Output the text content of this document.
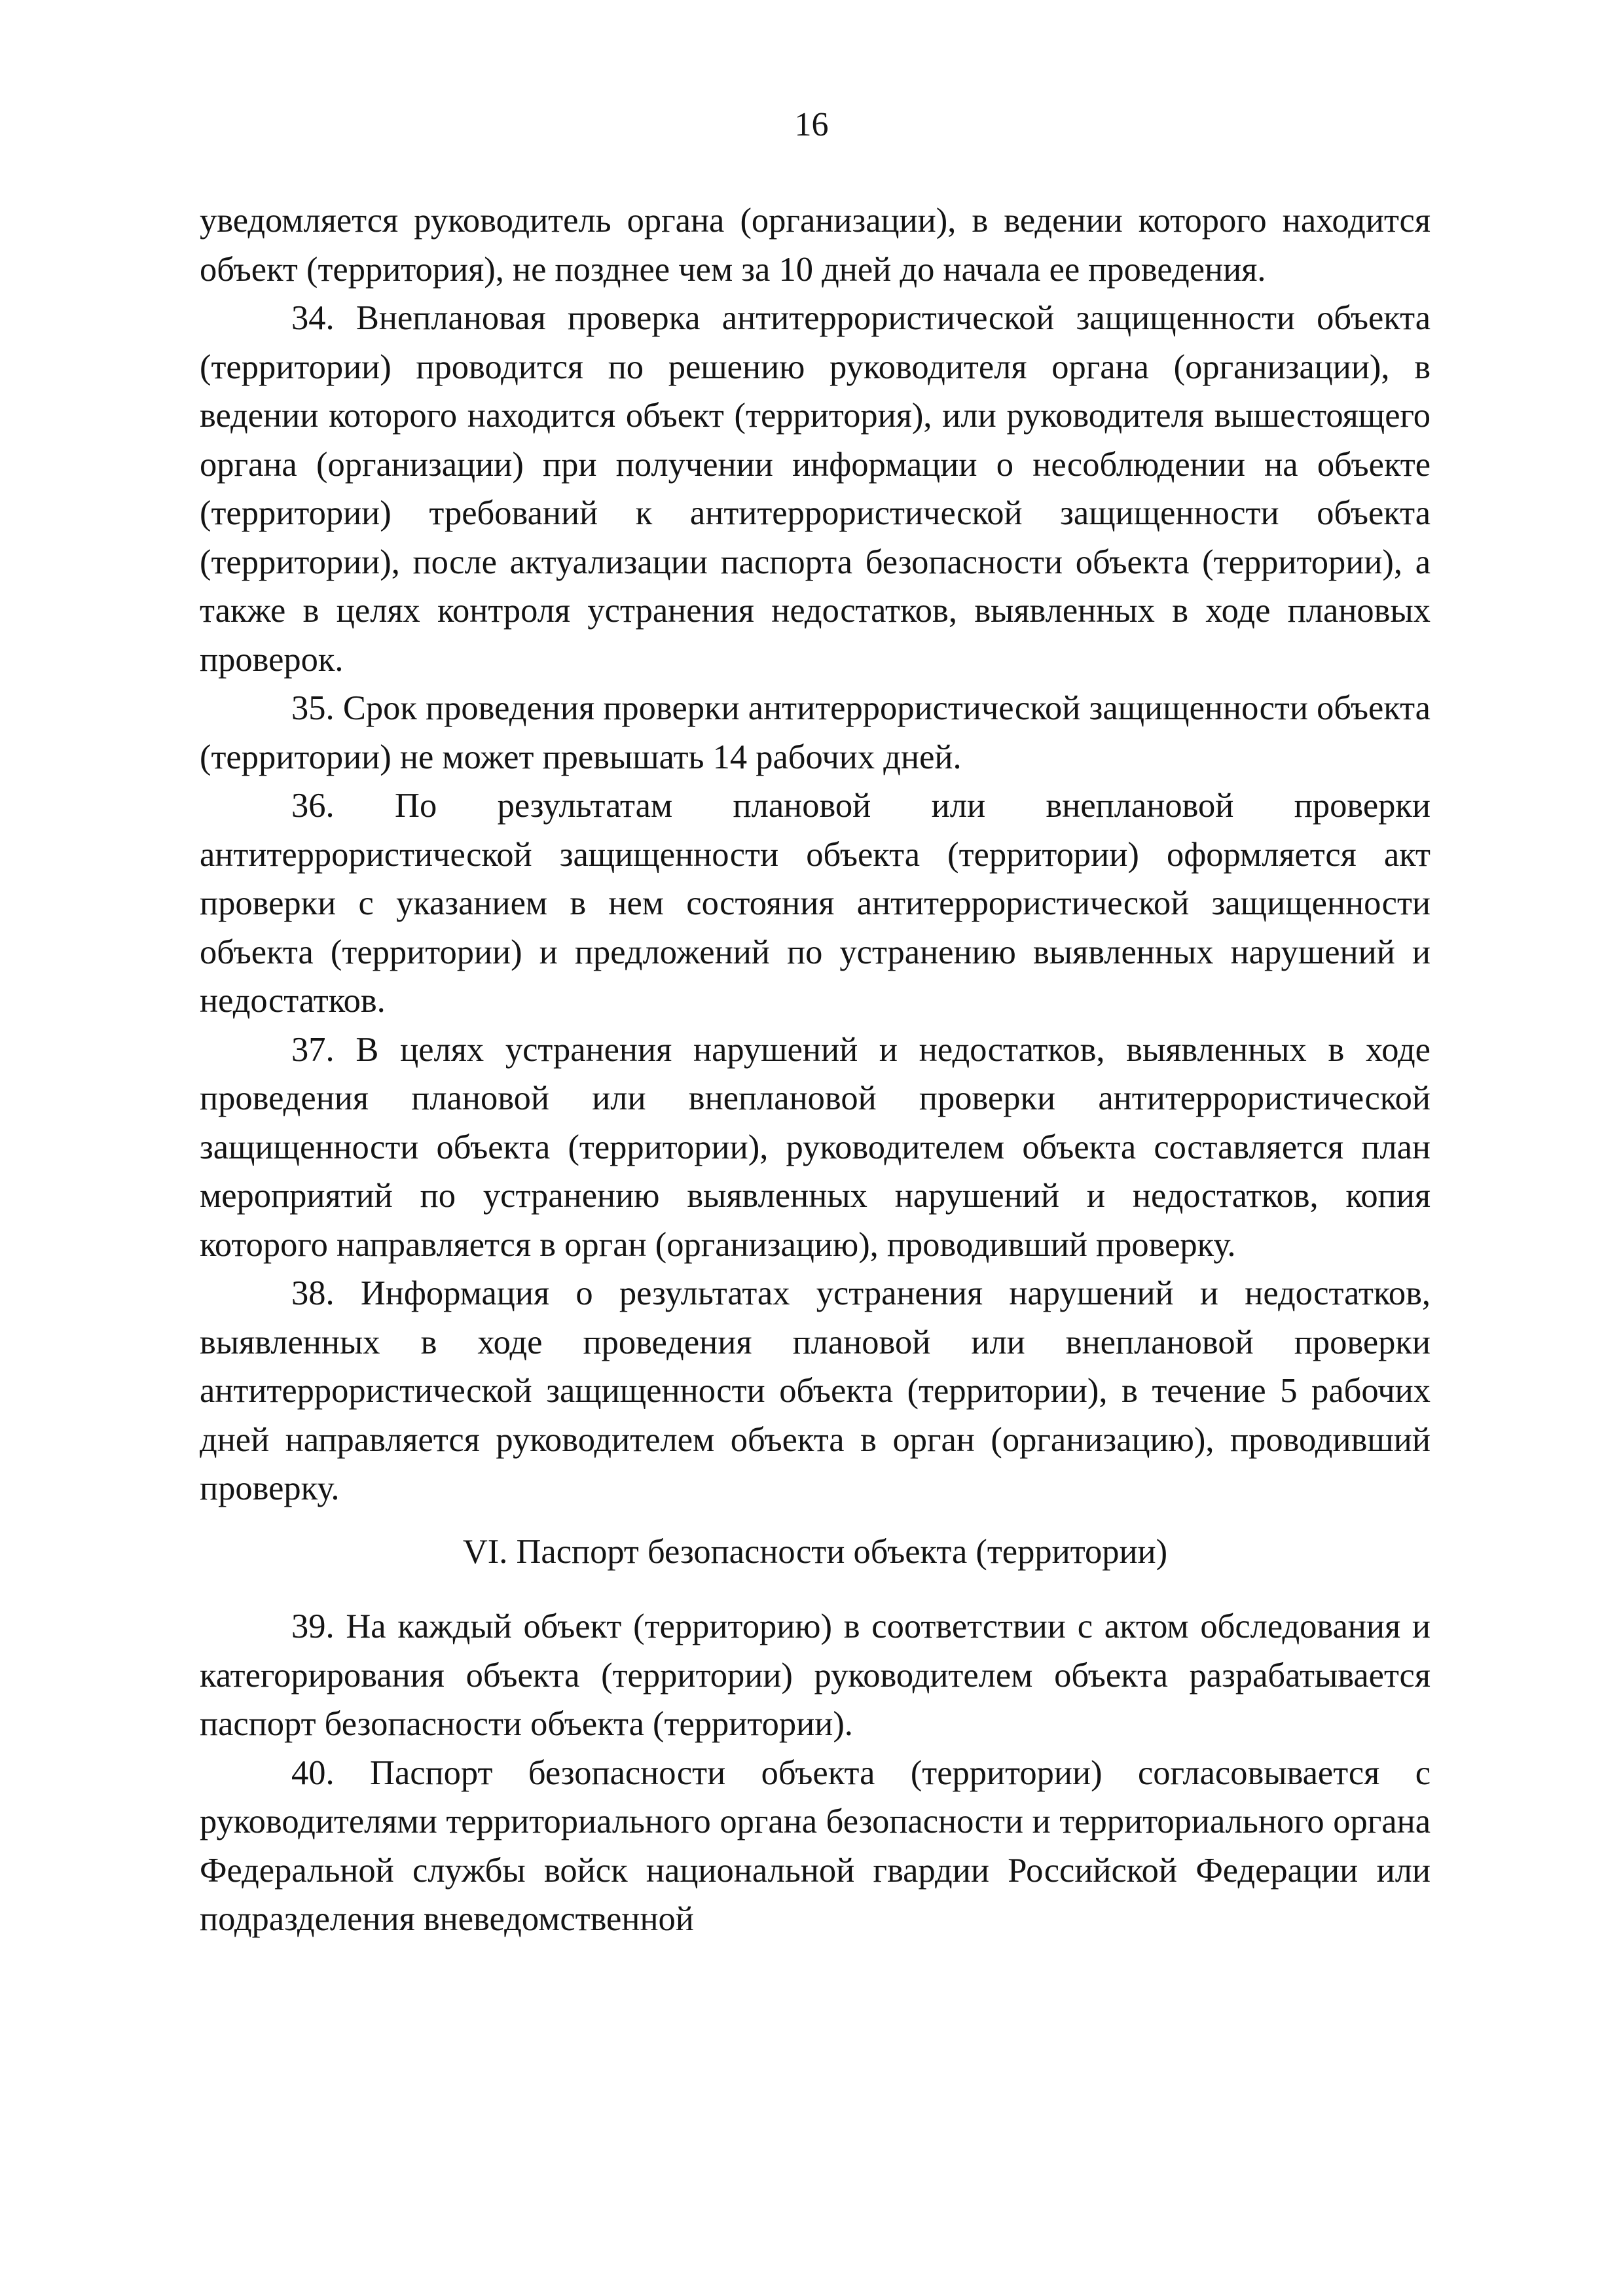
16

уведомляется руководитель органа (организации), в ведении которого находится объект (территория), не позднее чем за 10 дней до начала ее проведения.

34. Внеплановая проверка антитеррористической защищенности объекта (территории) проводится по решению руководителя органа (организации), в ведении которого находится объект (территория), или руководителя вышестоящего органа (организации) при получении информации о несоблюдении на объекте (территории) требований к антитеррористической защищенности объекта (территории), после актуализации паспорта безопасности объекта (территории), а также в целях контроля устранения недостатков, выявленных в ходе плановых проверок.

35. Срок проведения проверки антитеррористической защищенности объекта (территории) не может превышать 14 рабочих дней.

36. По результатам плановой или внеплановой проверки антитеррористической защищенности объекта (территории) оформляется акт проверки с указанием в нем состояния антитеррористической защищенности объекта (территории) и предложений по устранению выявленных нарушений и недостатков.

37. В целях устранения нарушений и недостатков, выявленных в ходе проведения плановой или внеплановой проверки антитеррористической защищенности объекта (территории), руководителем объекта составляется план мероприятий по устранению выявленных нарушений и недостатков, копия которого направляется в орган (организацию), проводивший проверку.

38. Информация о результатах устранения нарушений и недостатков, выявленных в ходе проведения плановой или внеплановой проверки антитеррористической защищенности объекта (территории), в течение 5 рабочих дней направляется руководителем объекта в орган (организацию), проводивший проверку.

VI. Паспорт безопасности объекта (территории)

39. На каждый объект (территорию) в соответствии с актом обследования и категорирования объекта (территории) руководителем объекта разрабатывается паспорт безопасности объекта (территории).

40. Паспорт безопасности объекта (территории) согласовывается с руководителями территориального органа безопасности и территориального органа Федеральной службы войск национальной гвардии Российской Федерации или подразделения вневедомственной
